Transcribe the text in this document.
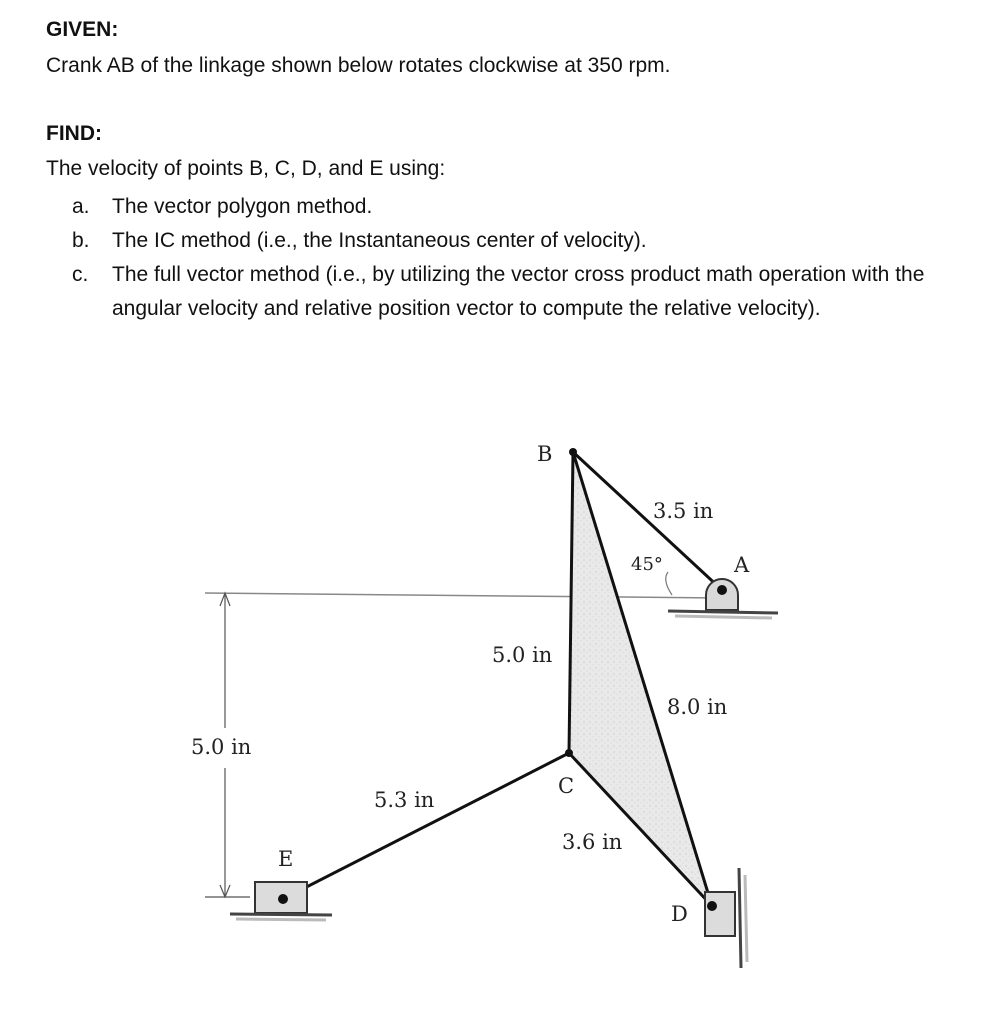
GIVEN:
Crank AB of the linkage shown below rotates clockwise at 350 rpm.
FIND:
The velocity of points B, C, D, and E using:
a. The vector polygon method.
b. The IC method (i.e., the Instantaneous center of velocity).
c. The full vector method (i.e., by utilizing the vector cross product math operation with the angular velocity and relative position vector to compute the relative velocity).
B
A
C
D
E
3.5 in
45°
5.0 in
8.0 in
5.3 in
3.6 in
5.0 in
